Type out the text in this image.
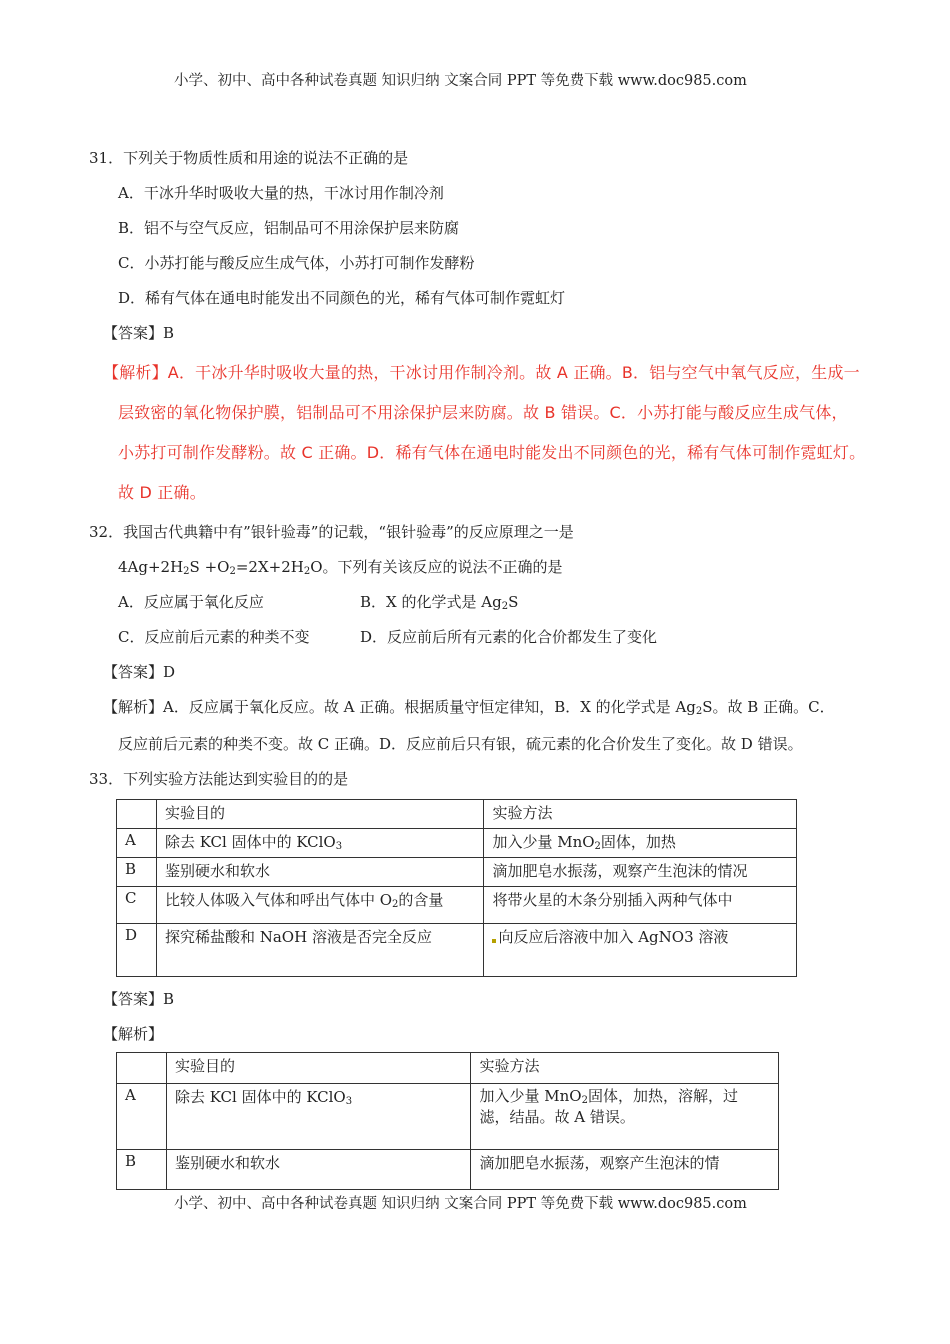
小学、初中、高中各种试卷真题 知识归纳 文案合同 PPT 等免费下载 www.doc985.com
31．下列关于物质性质和用途的说法不正确的是
A．干冰升华时吸收大量的热，干冰讨用作制冷剂
B．铝不与空气反应，铝制品可不用涂保护层来防腐
C．小苏打能与酸反应生成气体，小苏打可制作发酵粉
D．稀有气体在通电时能发出不同颜色的光，稀有气体可制作霓虹灯
【答案】B
【解析】A．干冰升华时吸收大量的热，干冰讨用作制冷剂。故 A 正确。B．铝与空气中氧气反应，生成一
层致密的氧化物保护膜，铝制品可不用涂保护层来防腐。故 B 错误。C．小苏打能与酸反应生成气体，
小苏打可制作发酵粉。故 C 正确。D．稀有气体在通电时能发出不同颜色的光，稀有气体可制作霓虹灯。
故 D 正确。
32．我国古代典籍中有”银针验毒”的记载，“银针验毒”的反应原理之一是
$4Ag+2H_2S +O_2=2X+2H_2O$。下列有关该反应的说法不正确的是
A．反应属于氧化反应	B．X 的化学式是 $Ag_2S$
C．反应前后元素的种类不变	D．反应前后所有元素的化合价都发生了变化
【答案】D
【解析】A．反应属于氧化反应。故 A 正确。根据质量守恒定律知，B．X 的化学式是 $Ag_2S$。故 B 正确。C．
反应前后元素的种类不变。故 C 正确。D．反应前后只有银，硫元素的化合价发生了变化。故 D 错误。
33．下列实验方法能达到实验目的的是
	实验目的	实验方法
A	除去 KCl 固体中的 KClO$_3$	加入少量 MnO$_2$固体，加热
B	鉴别硬水和软水	滴加肥皂水振荡，观察产生泡沫的情况
C	比较人体吸入气体和呼出气体中 $O_2$的含量	将带火星的木条分别插入两种气体中
D	探究稀盐酸和 NaOH 溶液是否完全反应	向反应后溶液中加入 AgNO3 溶液
【答案】B
【解析】
	实验目的	实验方法
A	除去 KCl 固体中的 KClO$_3$	加入少量 MnO$_2$固体，加热，溶解，过
滤，结晶。故 A 错误。
B	鉴别硬水和软水	滴加肥皂水振荡，观察产生泡沫的情
小学、初中、高中各种试卷真题 知识归纳 文案合同 PPT 等免费下载 www.doc985.com
